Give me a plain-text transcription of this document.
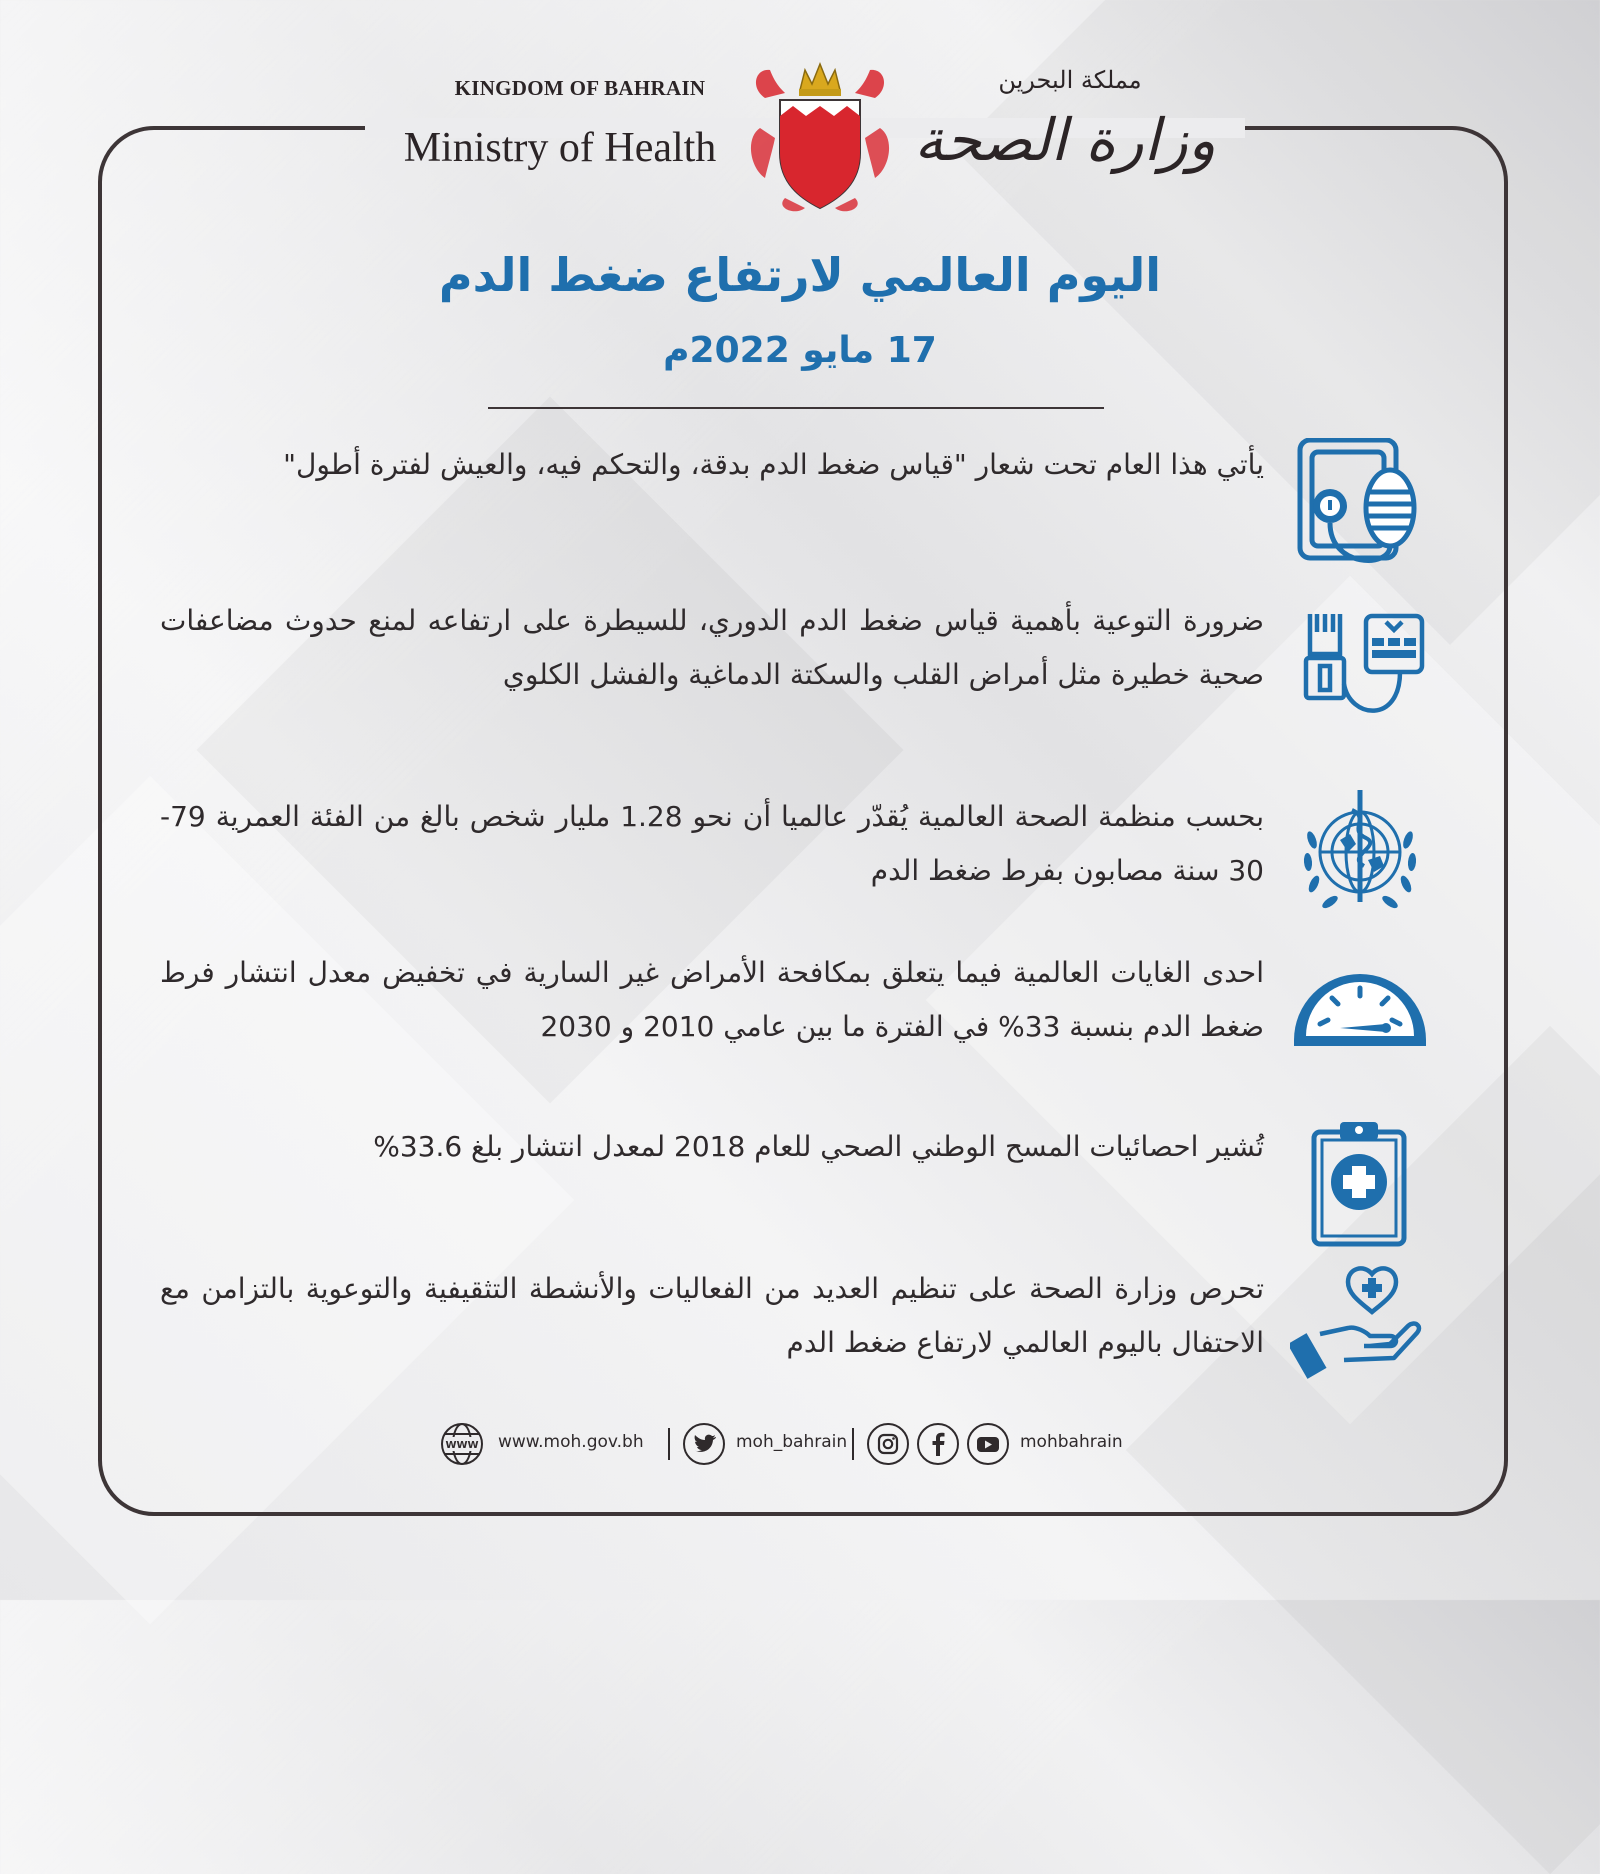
KINGDOM OF BAHRAIN
Ministry of Health
مملكة البحرين
وزارة الصحة
اليوم العالمي لارتفاع ضغط الدم
17 مايو 2022م
يأتي هذا العام تحت شعار "قياس ضغط الدم بدقة، والتحكم فيه، والعيش لفترة أطول"
ضرورة التوعية بأهمية قياس ضغط الدم الدوري، للسيطرة على ارتفاعه لمنع حدوث مضاعفات صحية خطيرة مثل أمراض القلب والسكتة الدماغية والفشل الكلوي
بحسب منظمة الصحة العالمية يُقدّر عالميا أن نحو 1.28 مليار شخص بالغ من الفئة العمرية 79-30 سنة مصابون بفرط ضغط الدم
احدى الغايات العالمية فيما يتعلق بمكافحة الأمراض غير السارية في تخفيض معدل انتشار فرط ضغط الدم بنسبة 33% في الفترة ما بين عامي 2010 و 2030
تُشير احصائيات المسح الوطني الصحي للعام 2018 لمعدل انتشار بلغ 33.6%
تحرص وزارة الصحة على تنظيم العديد من الفعاليات والأنشطة التثقيفية والتوعوية بالتزامن مع الاحتفال باليوم العالمي لارتفاع ضغط الدم
WWW www.moh.gov.bh	moh_bahrain	mohbahrain
